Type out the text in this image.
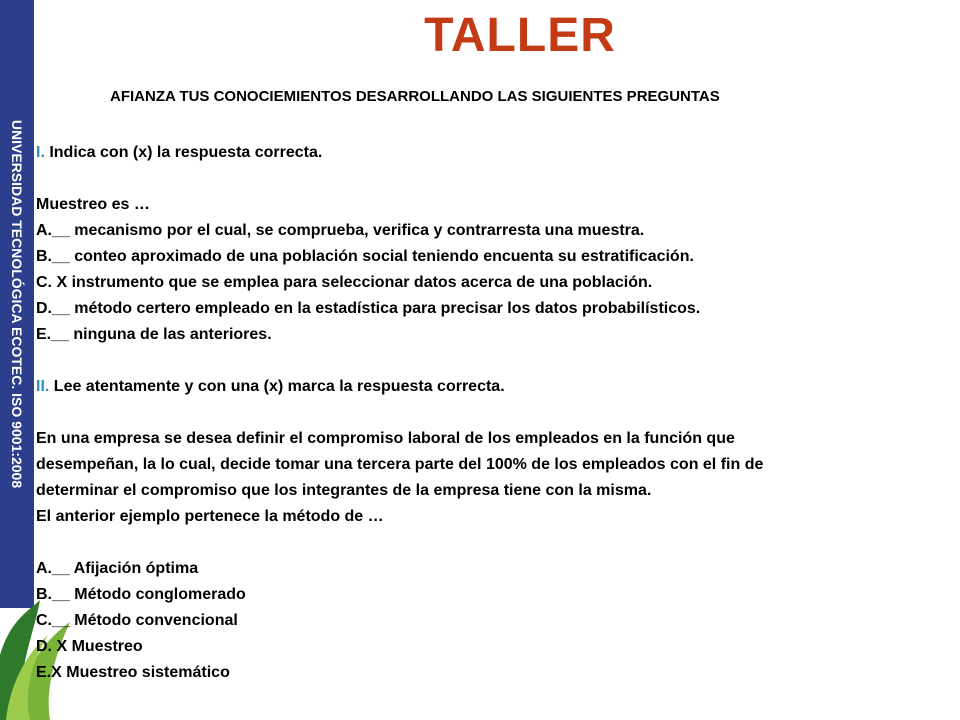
UNIVERSIDAD TECNOLÓGICA ECOTEC. ISO 9001:2008
TALLER
AFIANZA TUS CONOCIEMIENTOS DESARROLLANDO LAS SIGUIENTES PREGUNTAS
I. Indica con (x) la respuesta correcta.
Muestreo es …
A.__ mecanismo por el cual, se comprueba, verifica y contrarresta una muestra.
B.__ conteo aproximado de una población social teniendo encuenta su estratificación.
C. X instrumento que se emplea para seleccionar datos acerca de una población.
D.__ método certero empleado en la estadística para precisar los datos probabilísticos.
E.__ ninguna de las anteriores.
II. Lee atentamente y con una (x) marca la respuesta correcta.
En una empresa se desea definir el compromiso laboral de los empleados en la función que
desempeñan, la lo cual, decide tomar una tercera parte del 100% de los empleados con el fin de
determinar el compromiso que los integrantes de la empresa tiene con la misma.
El anterior ejemplo pertenece la método de …
A.__ Afijación óptima
B.__ Método conglomerado
C.__ Método convencional
D. X Muestreo
E.X Muestreo sistemático
